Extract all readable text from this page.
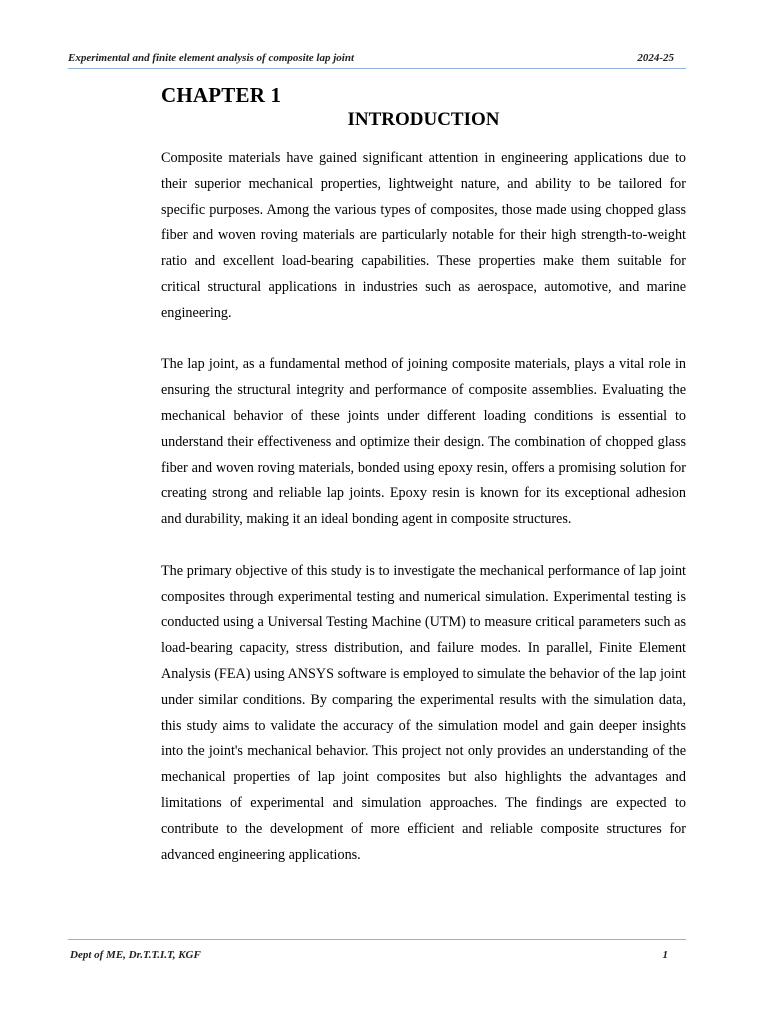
Experimental and finite element analysis of composite lap joint	2024-25
CHAPTER 1
INTRODUCTION

Composite materials have gained significant attention in engineering applications due to their superior mechanical properties, lightweight nature, and ability to be tailored for specific purposes. Among the various types of composites, those made using chopped glass fiber and woven roving materials are particularly notable for their high strength-to-weight ratio and excellent load-bearing capabilities. These properties make them suitable for critical structural applications in industries such as aerospace, automotive, and marine engineering.

The lap joint, as a fundamental method of joining composite materials, plays a vital role in ensuring the structural integrity and performance of composite assemblies. Evaluating the mechanical behavior of these joints under different loading conditions is essential to understand their effectiveness and optimize their design. The combination of chopped glass fiber and woven roving materials, bonded using epoxy resin, offers a promising solution for creating strong and reliable lap joints. Epoxy resin is known for its exceptional adhesion and durability, making it an ideal bonding agent in composite structures.

The primary objective of this study is to investigate the mechanical performance of lap joint composites through experimental testing and numerical simulation. Experimental testing is conducted using a Universal Testing Machine (UTM) to measure critical parameters such as load-bearing capacity, stress distribution, and failure modes. In parallel, Finite Element Analysis (FEA) using ANSYS software is employed to simulate the behavior of the lap joint under similar conditions. By comparing the experimental results with the simulation data, this study aims to validate the accuracy of the simulation model and gain deeper insights into the joint's mechanical behavior. This project not only provides an understanding of the mechanical properties of lap joint composites but also highlights the advantages and limitations of experimental and simulation approaches. The findings are expected to contribute to the development of more efficient and reliable composite structures for advanced engineering applications.

Dept of ME, Dr.T.T.I.T, KGF	1
